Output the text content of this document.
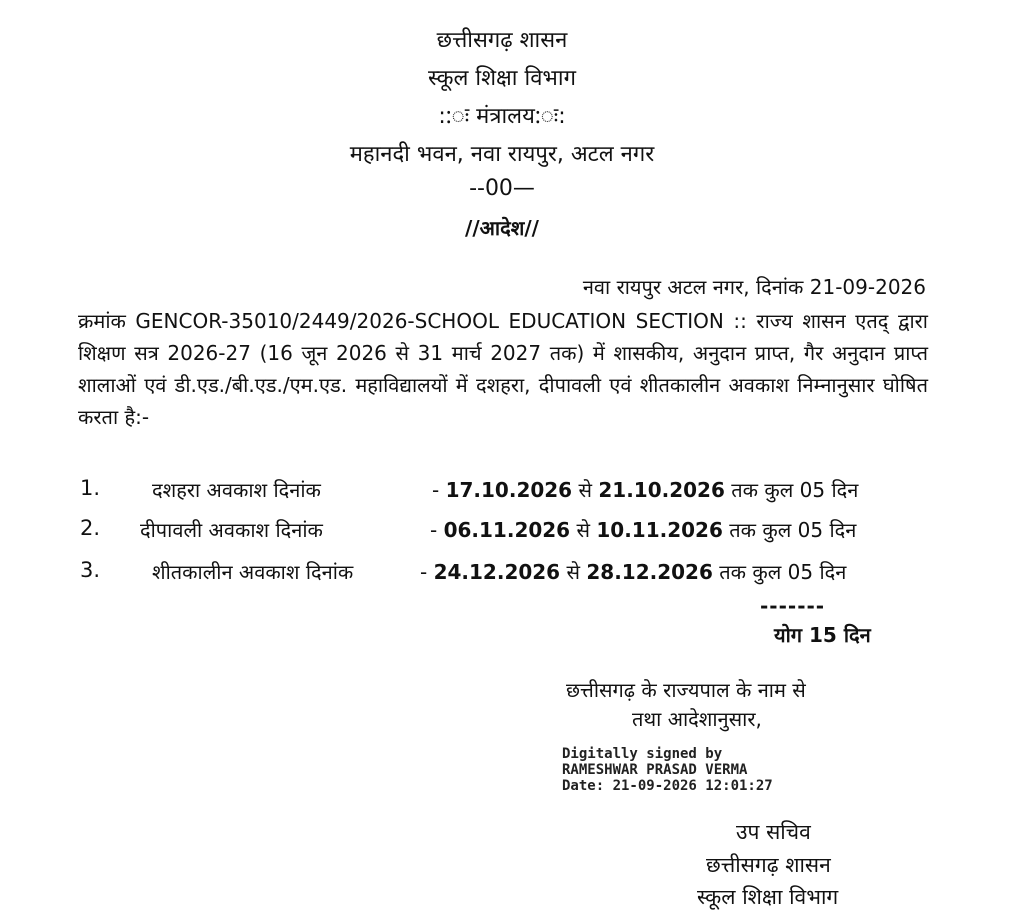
छत्तीसगढ़ शासन
स्कूल शिक्षा विभाग
::ः मंत्रालय:ः:
महानदी भवन, नवा रायपुर, अटल नगर
--00—
//आदेश//
नवा रायपुर अटल नगर, दिनांक 21-09-2026
क्रमांक GENCOR-35010/2449/2026-SCHOOL EDUCATION SECTION :: राज्य शासन एतद् द्वारा शिक्षण सत्र 2026-27 (16 जून 2026 से 31 मार्च 2027 तक) में शासकीय, अनुदान प्राप्त, गैर अनुदान प्राप्त शालाओं एवं डी.एड./बी.एड./एम.एड. महाविद्यालयों में दशहरा, दीपावली एवं शीतकालीन अवकाश निम्नानुसार घोषित करता है:-
1.	दशहरा अवकाश दिनांक	- 17.10.2026 से 21.10.2026 तक कुल 05 दिन
2. दीपावली अवकाश दिनांक	- 06.11.2026 से 10.11.2026 तक कुल 05 दिन
3.	शीतकालीन अवकाश दिनांक	- 24.12.2026 से 28.12.2026 तक कुल 05 दिन
-------
योग 15 दिन
छत्तीसगढ़ के राज्यपाल के नाम से
तथा आदेशानुसार,
Digitally signed by
RAMESHWAR PRASAD VERMA
Date: 21-09-2026 12:01:27
उप सचिव
छत्तीसगढ़ शासन
स्कूल शिक्षा विभाग
